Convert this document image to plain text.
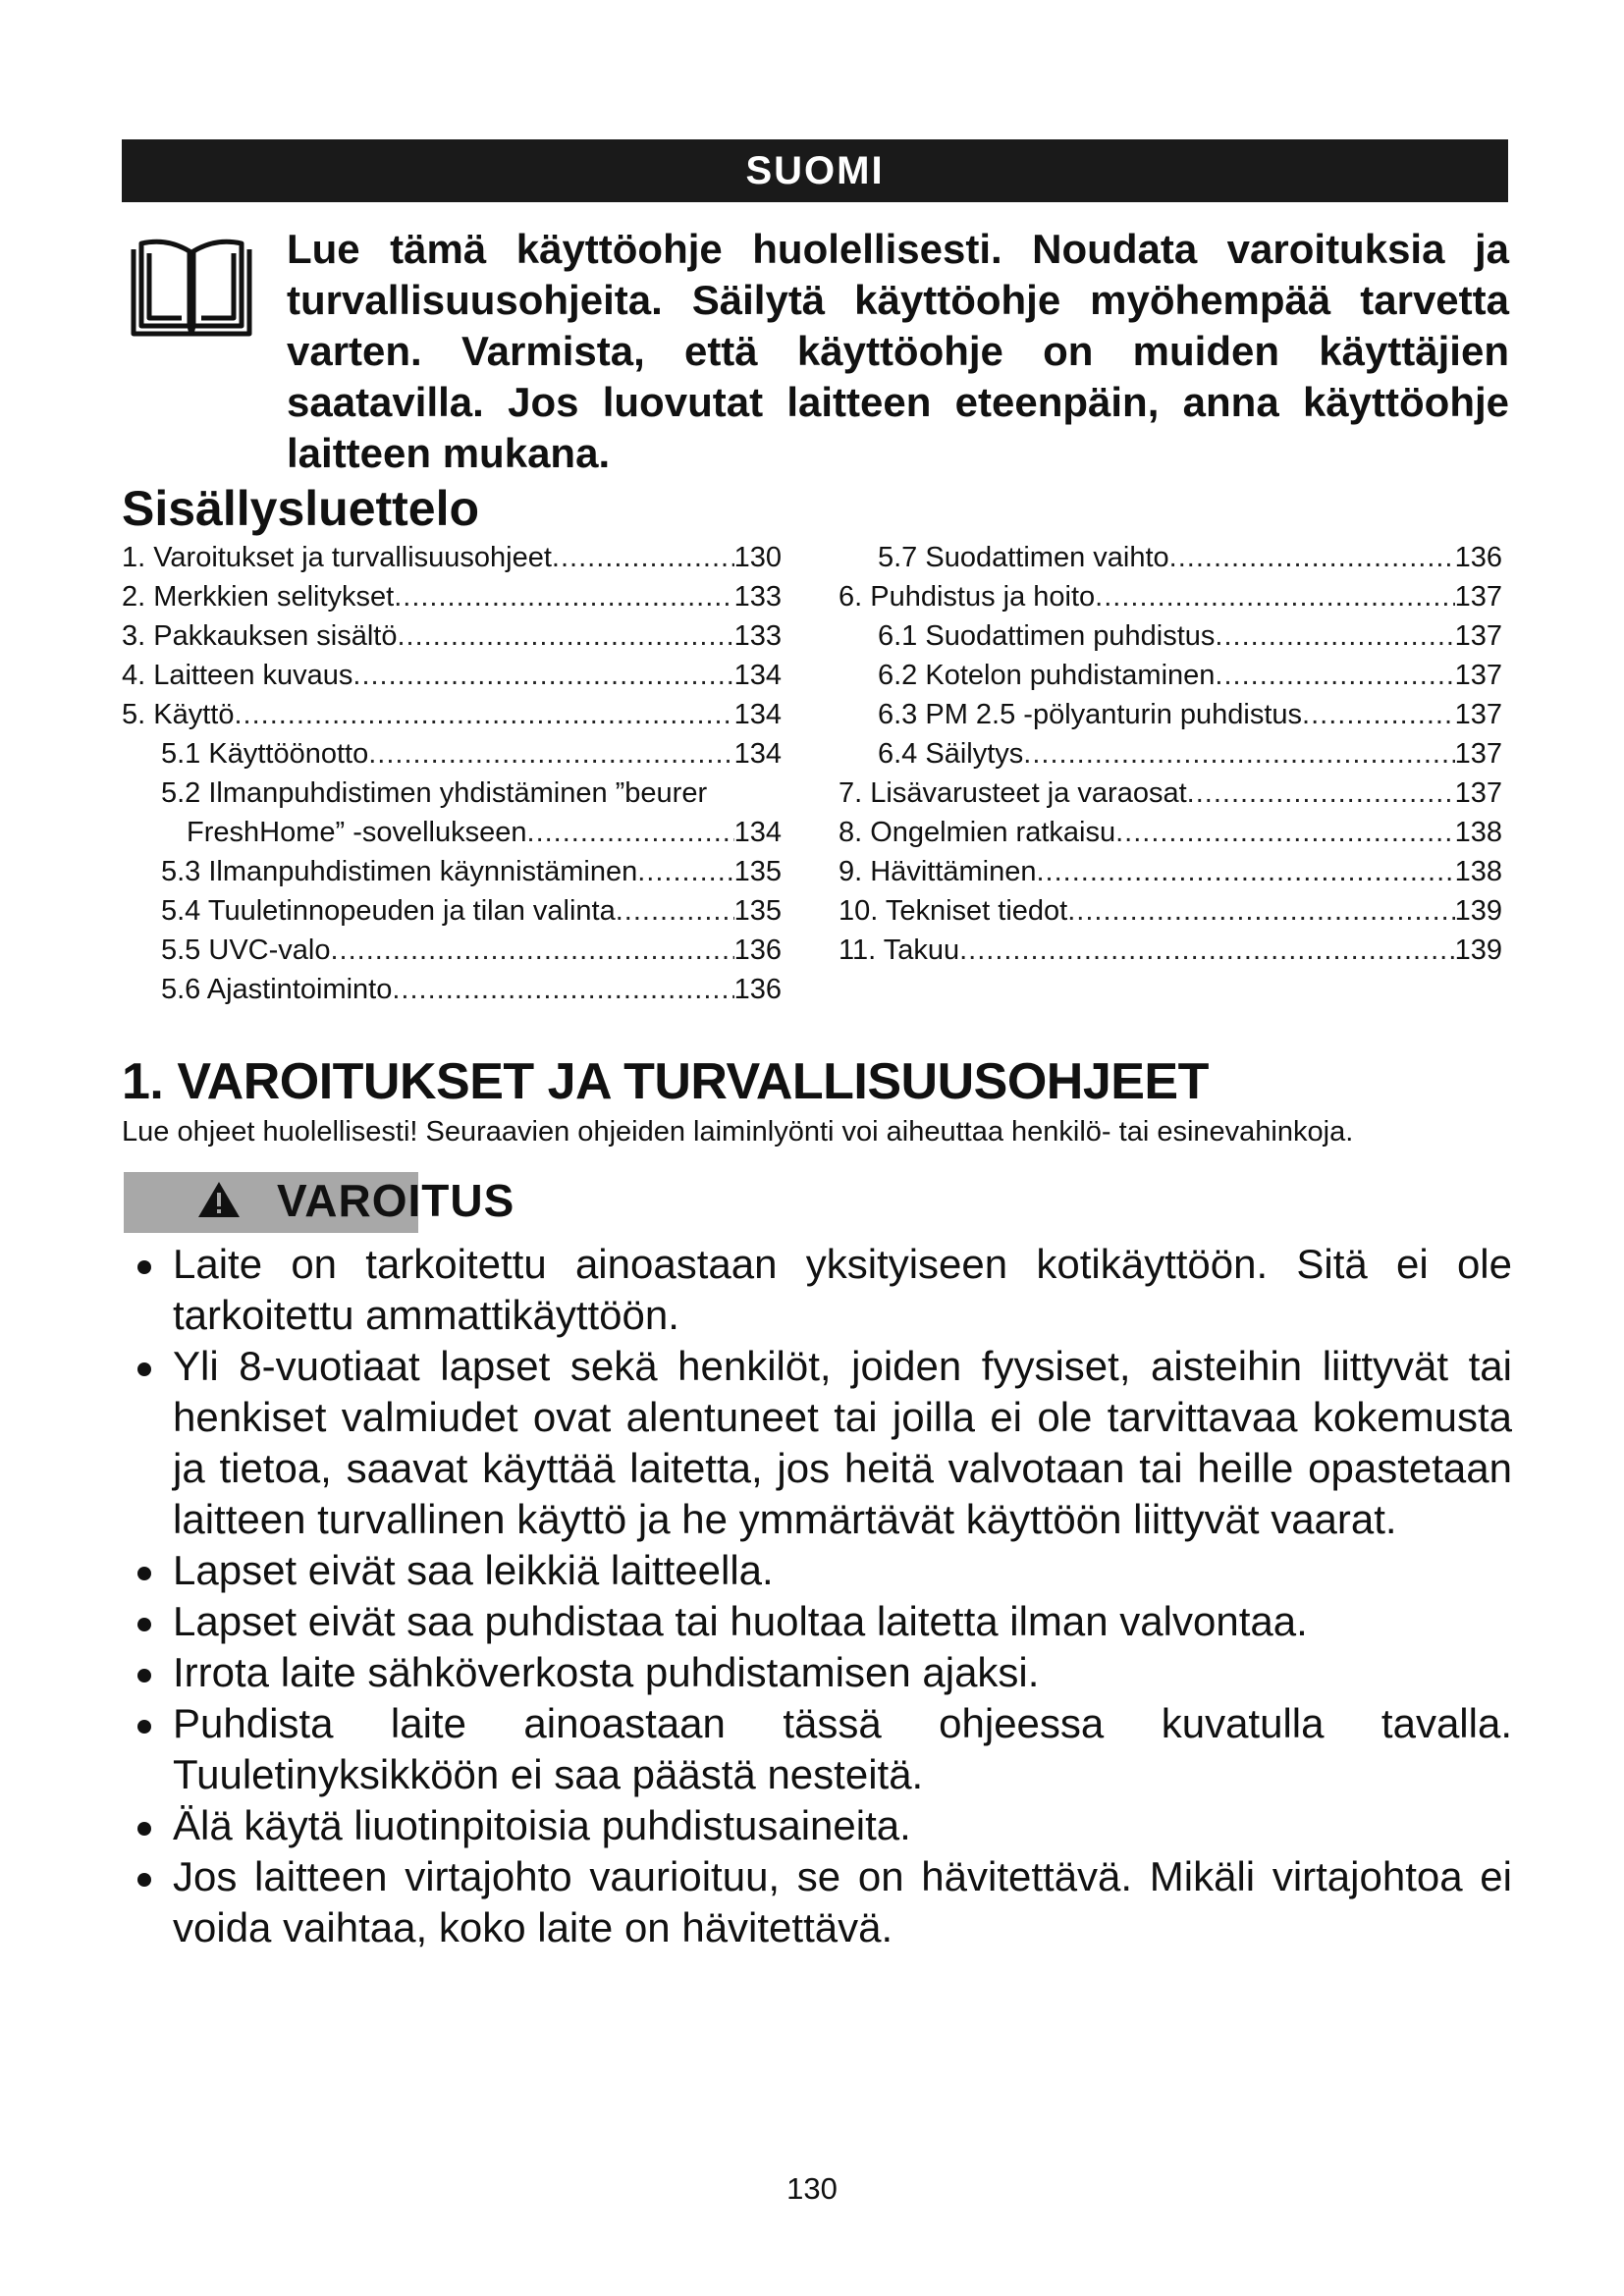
SUOMI

Lue tämä käyttöohje huolellisesti. Noudata varoituksia ja turvallisuusohjeita. Säilytä käyttöohje myöhempää tarvetta varten. Varmista, että käyttöohje on muiden käyttäjien saatavilla. Jos luovutat laitteen eteenpäin, anna käyttöohje laitteen mukana.

Sisällysluettelo
1. Varoitukset ja turvallisuusohjeet .....	130
2. Merkkien selitykset .....	133
3. Pakkauksen sisältö .....	133
4. Laitteen kuvaus .....	134
5. Käyttö .....	134
5.1 Käyttöönotto .....	134
5.2 Ilmanpuhdistimen yhdistäminen ”beurer
FreshHome” -sovellukseen .....	134
5.3 Ilmanpuhdistimen käynnistäminen .....	135
5.4 Tuuletinnopeuden ja tilan valinta .....	135
5.5 UVC-valo .....	136
5.6 Ajastintoiminto .....	136
5.7 Suodattimen vaihto .....	136
6. Puhdistus ja hoito .....	137
6.1 Suodattimen puhdistus .....	137
6.2 Kotelon puhdistaminen .....	137
6.3 PM 2.5 -pölyanturin puhdistus .....	137
6.4 Säilytys .....	137
7. Lisävarusteet ja varaosat .....	137
8. Ongelmien ratkaisu .....	138
9. Hävittäminen .....	138
10. Tekniset tiedot .....	139
11. Takuu .....	139
1. VAROITUKSET JA TURVALLISUUSOHJEET

Lue ohjeet huolellisesti! Seuraavien ohjeiden laiminlyönti voi aiheuttaa henkilö- tai esinevahinkoja.

VAROITUS

Laite on tarkoitettu ainoastaan yksityiseen kotikäyttöön. Sitä ei ole tarkoitettu ammattikäyttöön.
Yli 8-vuotiaat lapset sekä henkilöt, joiden fyysiset, aisteihin liittyvät tai henkiset valmiudet ovat alentuneet tai joilla ei ole tarvittavaa kokemusta ja tietoa, saavat käyttää laitetta, jos heitä valvotaan tai heille opastetaan laitteen turvallinen käyttö ja he ymmärtävät käyttöön liittyvät vaarat.
Lapset eivät saa leikkiä laitteella.
Lapset eivät saa puhdistaa tai huoltaa laitetta ilman valvontaa.
Irrota laite sähköverkosta puhdistamisen ajaksi.
Puhdista laite ainoastaan tässä ohjeessa kuvatulla tavalla. Tuuletinyksikköön ei saa päästä nesteitä.
Älä käytä liuotinpitoisia puhdistusaineita.
Jos laitteen virtajohto vaurioituu, se on hävitettävä. Mikäli virtajohtoa ei voida vaihtaa, koko laite on hävitettävä.

130
